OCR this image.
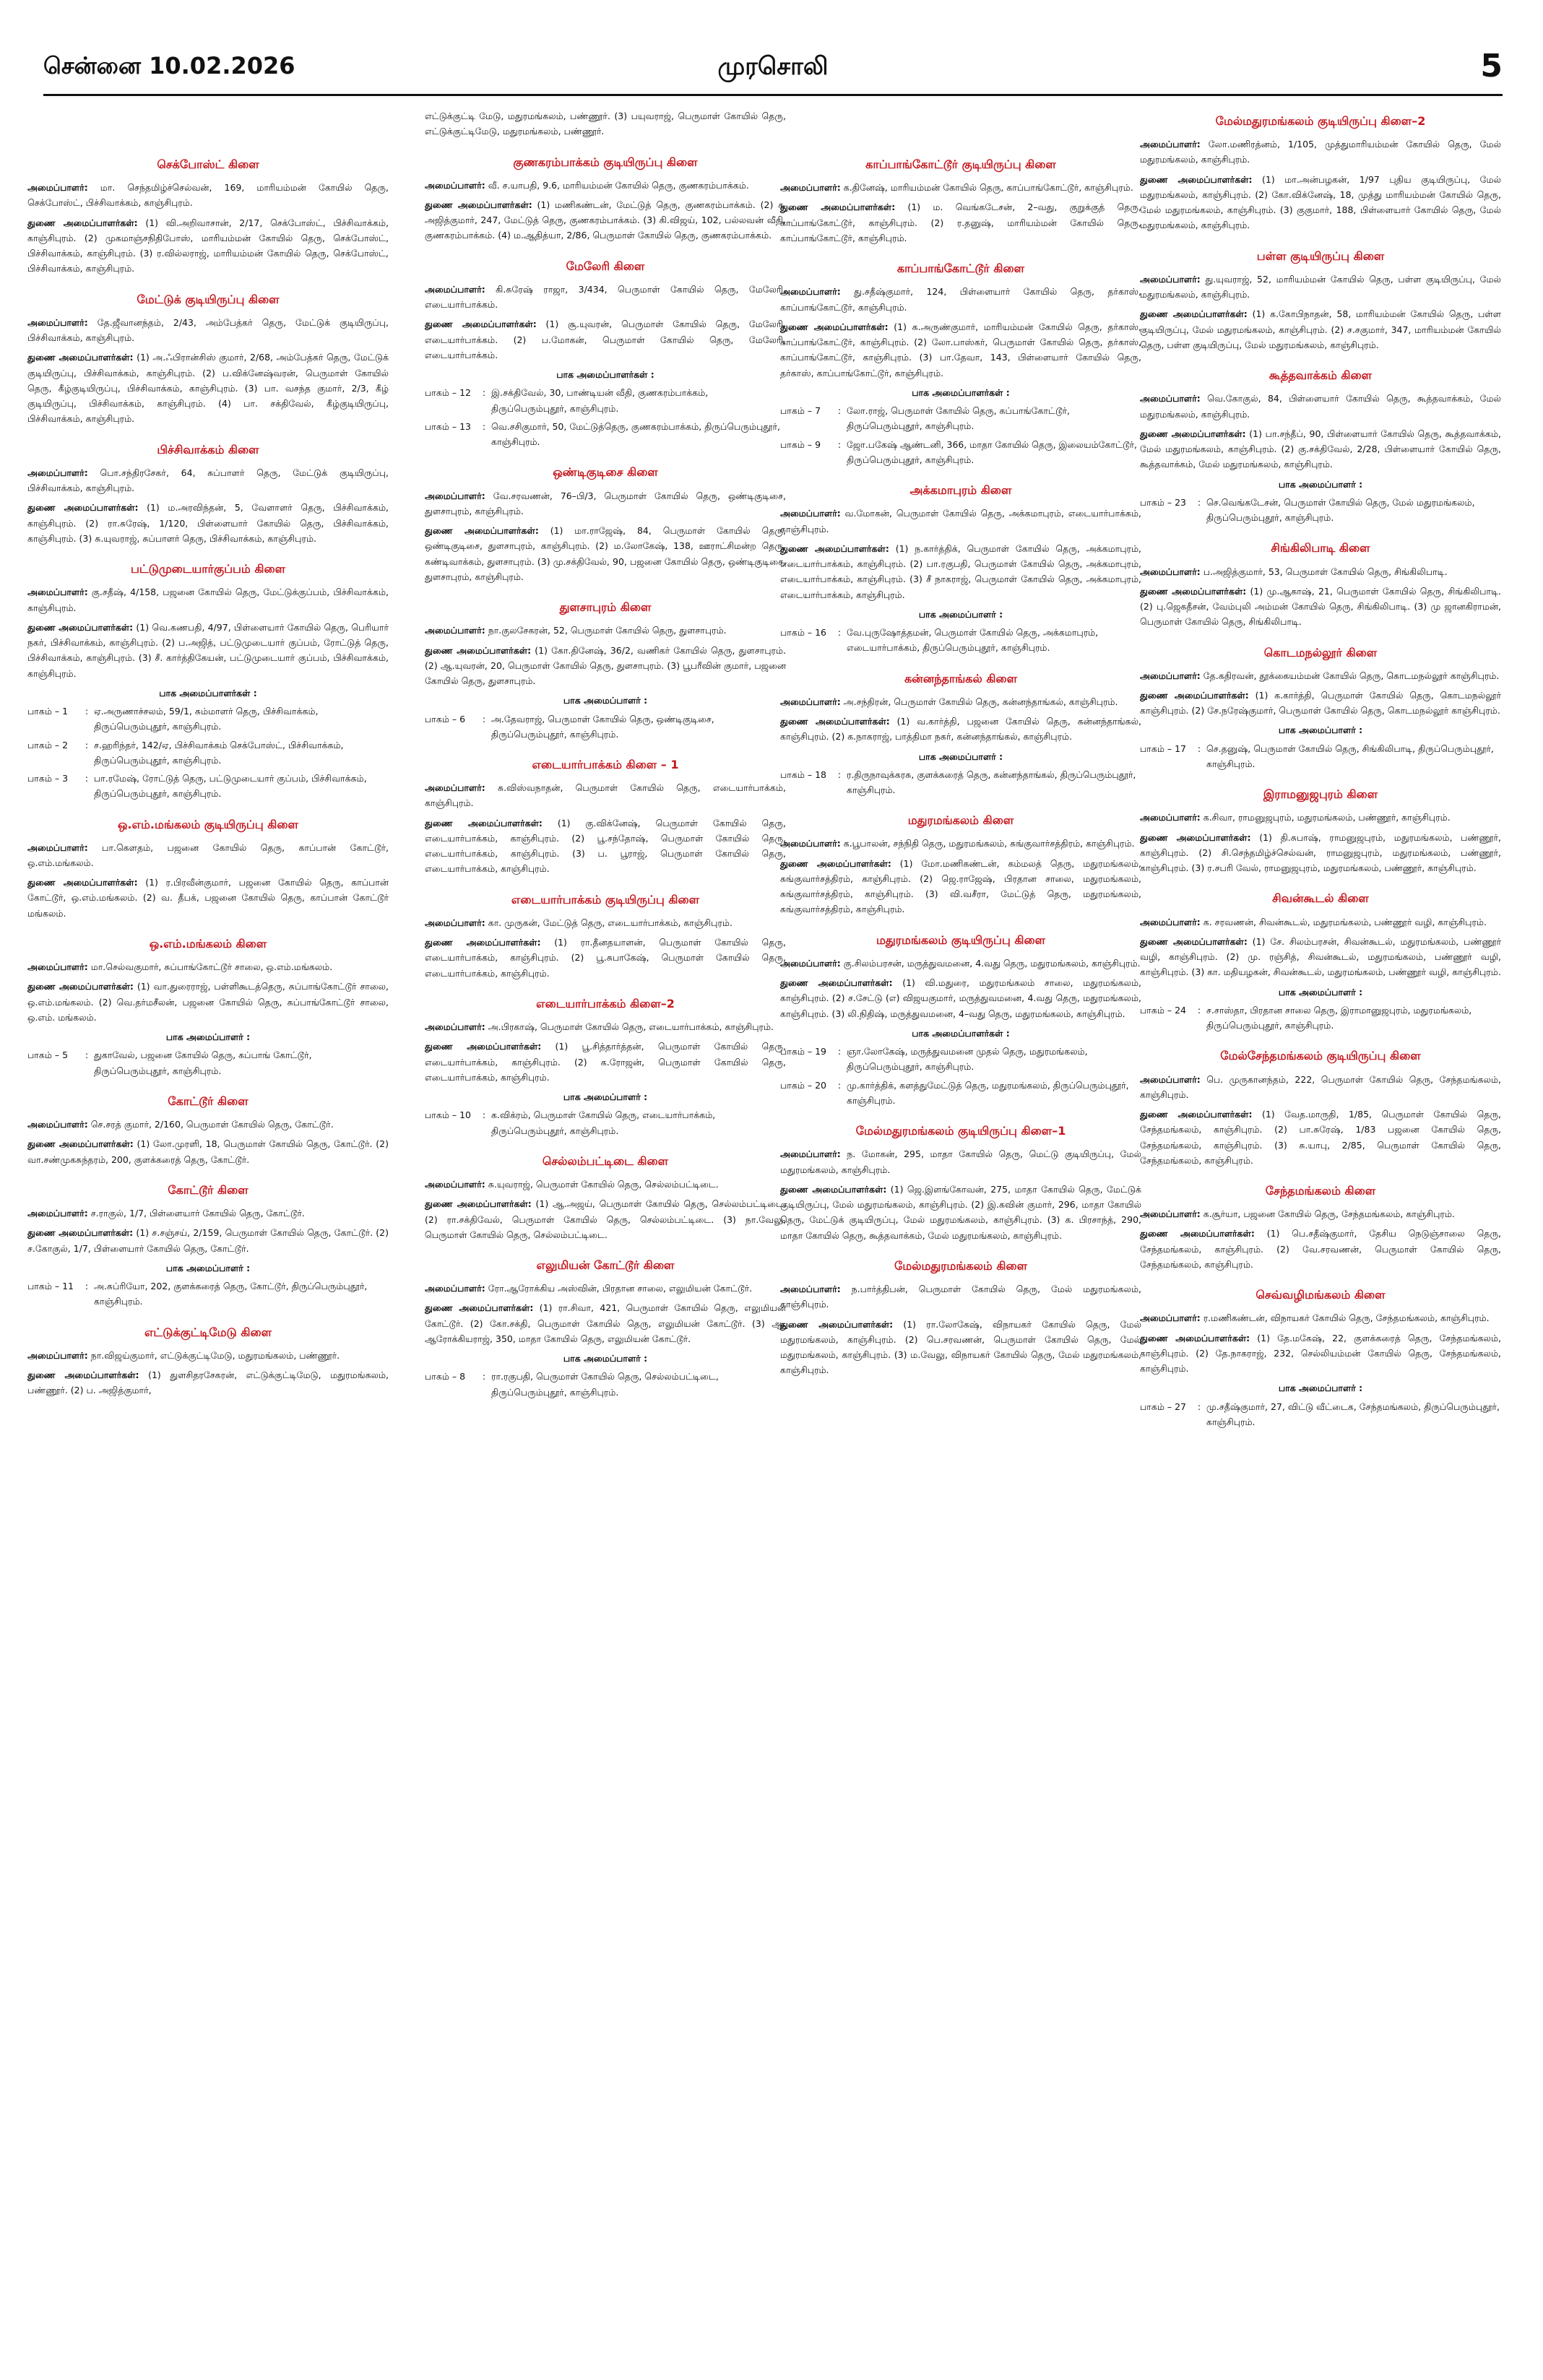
சென்னை 10.02.2026	முரசொலி	5
செக்போஸ்ட் கிளை

அமைப்பாளர்: மா. செந்தமிழ்ச்செல்வன், 169, மாரியம்மன் கோயில் தெரு, செக்போஸ்ட், பிச்சிவாக்கம், காஞ்சிபுரம்.

துணை அமைப்பாளர்கள்: (1) வி.அறிவாசான், 2/17, செக்போஸ்ட், பிச்சிவாக்கம், காஞ்சிபுரம். (2) முகமாஞ்சநிதிபோஸ், மாரியம்மன் கோயில் தெரு, செக்போஸ்ட், பிச்சிவாக்கம், காஞ்சிபுரம். (3) ர.வில்லராஜ், மாரியம்மன் கோயில் தெரு, செக்போஸ்ட், பிச்சிவாக்கம், காஞ்சிபுரம்.

மேட்டுக் குடியிருப்பு கிளை

அமைப்பாளர்: தே.ஜீவானந்தம், 2/43, அம்பேத்கர் தெரு, மேட்டுக் குடியிருப்பு, பிச்சிவாக்கம், காஞ்சிபுரம்.

துணை அமைப்பாளர்கள்: (1) அ.ஃபிரான்சிஸ் குமார், 2/68, அம்பேத்கர் தெரு, மேட்டுக் குடியிருப்பு, பிச்சிவாக்கம், காஞ்சிபுரம். (2) ப.விக்னேஷ்வரன், பெருமாள் கோயில் தெரு, கீழ்குடியிருப்பு, பிச்சிவாக்கம், காஞ்சிபுரம். (3) பா. வசந்த குமார், 2/3, கீழ் குடியிருப்பு, பிச்சிவாக்கம், காஞ்சிபுரம். (4) பா. சக்திவேல், கீழ்குடியிருப்பு, பிச்சிவாக்கம், காஞ்சிபுரம்.

பிச்சிவாக்கம் கிளை

அமைப்பாளர்: பொ.சந்திரசேகர், 64, சுப்பாளர் தெரு, மேட்டுக் குடியிருப்பு, பிச்சிவாக்கம், காஞ்சிபுரம்.

துணை அமைப்பாளர்கள்: (1) ம.அரவிந்தன், 5, வேளாளர் தெரு, பிச்சிவாக்கம், காஞ்சிபுரம். (2) ரா.சுரேஷ், 1/120, பிள்ளையார் கோயில் தெரு, பிச்சிவாக்கம், காஞ்சிபுரம். (3) சு.யுவராஜ், சுப்பாளர் தெரு, பிச்சிவாக்கம், காஞ்சிபுரம்.

பட்டுமுடையார்குப்பம் கிளை

அமைப்பாளர்: கு.சதீஷ், 4/158, பஜனை கோயில் தெரு, மேட்டுக்குப்பம், பிச்சிவாக்கம், காஞ்சிபுரம்.

துணை அமைப்பாளர்கள்: (1) வெ.கணபதி, 4/97, பிள்ளையார் கோயில் தெரு, பெரியார் நகர், பிச்சிவாக்கம், காஞ்சிபுரம். (2) ப.அஜித், பட்டுமுடையார் குப்பம், ரோட்டுத் தெரு, பிச்சிவாக்கம், காஞ்சிபுரம். (3) சீ. கார்த்திகேயன், பட்டுமுடையார் குப்பம், பிச்சிவாக்கம், காஞ்சிபுரம்.

பாக அமைப்பாளர்கள் :
பாகம் – 1	: ஏ.அருணாச்சலம், 59/1, சும்மாளர் தெரு, பிச்சிவாக்கம், திருப்பெரும்புதூர், காஞ்சிபுரம்.
பாகம் – 2	: ச.ஹரிந்தர், 142/ஏ, பிச்சிவாக்கம் செக்போஸ்ட், பிச்சிவாக்கம், திருப்பெரும்புதூர், காஞ்சிபுரம்.
பாகம் – 3	: பா.ரமேஷ், ரோட்டுத் தெரு, பட்டுமுடையார் குப்பம், பிச்சிவாக்கம், திருப்பெரும்புதூர், காஞ்சிபுரம்.
ஒ.எம்.மங்கலம் குடியிருப்பு கிளை

அமைப்பாளர்: பா.கௌதம், பஜனை கோயில் தெரு, காப்பான் கோட்டூர், ஒ.எம்.மங்கலம்.

துணை அமைப்பாளர்கள்: (1) ர.பிரவீன்குமார், பஜனை கோயில் தெரு, காப்பான் கோட்டூர், ஒ.எம்.மங்கலம். (2) வ. தீபக், பஜனை கோயில் தெரு, காப்பான் கோட்டூர் மங்கலம்.

ஒ.எம்.மங்கலம் கிளை

அமைப்பாளர்: மா.செல்வகுமார், சுப்பாங்கோட்டூர் சாலை, ஒ.எம்.மங்கலம்.

துணை அமைப்பாளர்கள்: (1) வா.துரைராஜ், பள்ளிகூடத்தெரு, சுப்பாங்கோட்டூர் சாலை, ஒ.எம்.மங்கலம். (2) வெ.தர்மசீலன், பஜனை கோயில் தெரு, சுப்பாங்கோட்டூர் சாலை, ஒ.எம். மங்கலம்.

பாக அமைப்பாளர் :
பாகம் – 5	: துகாவேல், பஜனை கோயில் தெரு, கப்பாங் கோட்டூர், திருப்பெரும்புதூர், காஞ்சிபுரம்.
கோட்டூர் கிளை

அமைப்பாளர்: செ.சரத் குமார், 2/160, பெருமாள் கோயில் தெரு, கோட்டூர்.

துணை அமைப்பாளர்கள்: (1) லோ.முரளி, 18, பெருமாள் கோயில் தெரு, கோட்டூர். (2) வா.சண்முகசுந்தரம், 200, குளக்கரைத் தெரு, கோட்டூர்.

கோட்டூர் கிளை

அமைப்பாளர்: ச.ராகுல், 1/7, பிள்ளையார் கோயில் தெரு, கோட்டூர்.

துணை அமைப்பாளர்கள்: (1) ச.சஞ்சய், 2/159, பெருமாள் கோயில் தெரு, கோட்டூர். (2) ச.கோகுல், 1/7, பிள்ளையார் கோயில் தெரு, கோட்டூர்.

பாக அமைப்பாளர் :
பாகம் – 11	: அ.சுப்ரியோ, 202, குளக்கரைத் தெரு, கோட்டூர், திருப்பெரும்புதூர், காஞ்சிபுரம்.
எட்டுக்குட்டிமேடு கிளை

அமைப்பாளர்: நா.விஜய்குமார், எட்டுக்குட்டிமேடு, மதுரமங்கலம், பண்ணூர்.

துணை அமைப்பாளர்கள்: (1) துளசிதரசேகரன், எட்டுக்குட்டிமேடு, மதுரமங்கலம், பண்ணூர். (2) ப. அஜித்குமார்,

எட்டுக்குட்டி மேடு, மதுரமங்கலம், பண்ணூர். (3) பயுவராஜ், பெருமாள் கோயில் தெரு, எட்டுக்குட்டிமேடு, மதுரமங்கலம், பண்ணூர்.

குணகரம்பாக்கம் குடியிருப்பு கிளை

அமைப்பாளர்: வீ. ச.யாபதி, 9.6, மாரியம்மன் கோயில் தெரு, குணகரம்பாக்கம்.

துணை அமைப்பாளர்கள்: (1) மணிகண்டன், மேட்டுத் தெரு, குணகரம்பாக்கம். (2) ச. அஜித்குமார், 247, மேட்டுத் தெரு, குணகரம்பாக்கம். (3) கி.விஜய், 102, பல்லவன் வீதி, குணகரம்பாக்கம். (4) ம.ஆதித்யா, 2/86, பெருமாள் கோயில் தெரு, குணகரம்பாக்கம்.

மேலேரி கிளை

அமைப்பாளர்: கி.சுரேஷ் ராஜா, 3/434, பெருமாள் கோயில் தெரு, மேலேரி, எடையார்பாக்கம்.

துணை அமைப்பாளர்கள்: (1) சூ.யுவரன், பெருமாள் கோயில் தெரு, மேலேரி, எடையார்பாக்கம். (2) ப.மோகன், பெருமாள் கோயில் தெரு, மேலேரி, எடையார்பாக்கம்.

பாக அமைப்பாளர்கள் :
பாகம் – 12	: இ.சக்திவேல், 30, பாண்டியன் வீதி, குணகரம்பாக்கம், திருப்பெரும்புதூர், காஞ்சிபுரம்.
பாகம் – 13	: வெ.சசிகுமார், 50, மேட்டுத்தெரு, குணகரம்பாக்கம், திருப்பெரும்புதூர், காஞ்சிபுரம்.
ஒண்டிகுடிசை கிளை

அமைப்பாளர்: வே.சரவணன், 76–பி/3, பெருமாள் கோயில் தெரு, ஒண்டிகுடிசை, துளசாபுரம், காஞ்சிபுரம்.

துணை அமைப்பாளர்கள்: (1) மா.ராஜேஷ், 84, பெருமாள் கோயில் தெரு, ஒண்டிகுடிசை, துளசாபுரம், காஞ்சிபுரம். (2) ம.லோகேஷ், 138, ஊராட்சிமன்ற தெரு, கண்டிவாக்கம், துளசாபுரம். (3) மு.சக்திவேல், 90, பஜனை கோயில் தெரு, ஒண்டிகுடிசை, துளசாபுரம், காஞ்சிபுரம்.

துளசாபுரம் கிளை

அமைப்பாளர்: நா.குலசேகரன், 52, பெருமாள் கோயில் தெரு, துளசாபுரம்.

துணை அமைப்பாளர்கள்: (1) கோ.தினேஷ், 36/2, வணிகர் கோயில் தெரு, துளசாபுரம். (2) ஆ.யுவரன், 20, பெருமாள் கோயில் தெரு, துளசாபுரம். (3) பூபரீவின் குமார், பஜனை கோயில் தெரு, துளசாபுரம்.

பாக அமைப்பாளர் :
பாகம் – 6	: அ.தேவராஜ், பெருமாள் கோயில் தெரு, ஒண்டிகுடிசை, திருப்பெரும்புதூர், காஞ்சிபுரம்.
எடையார்பாக்கம் கிளை – 1

அமைப்பாளர்: சு.விஸ்வநாதன், பெருமாள் கோயில் தெரு, எடையார்பாக்கம், காஞ்சிபுரம்.

துணை அமைப்பாளர்கள்: (1) கு.விக்னேஷ், பெருமாள் கோயில் தெரு, எடையார்பாக்கம், காஞ்சிபுரம். (2) பூ.சந்தோஷ், பெருமாள் கோயில் தெரு, எடையார்பாக்கம், காஞ்சிபுரம். (3) ப. பூராஜ், பெருமாள் கோயில் தெரு, எடையார்பாக்கம், காஞ்சிபுரம்.

எடையார்பாக்கம் குடியிருப்பு கிளை

அமைப்பாளர்: கா. முருகன், மேட்டுத் தெரு, எடையார்பாக்கம், காஞ்சிபுரம்.

துணை அமைப்பாளர்கள்: (1) ரா.தீனதயாளன், பெருமாள் கோயில் தெரு, எடையார்பாக்கம், காஞ்சிபுரம். (2) பூ.சுபாகேஷ், பெருமாள் கோயில் தெரு, எடையார்பாக்கம், காஞ்சிபுரம்.

எடையார்பாக்கம் கிளை–2

அமைப்பாளர்: அ.பிரகாஷ், பெருமாள் கோயில் தெரு, எடையார்பாக்கம், காஞ்சிபுரம்.

துணை அமைப்பாளர்கள்: (1) பூ.சித்தார்த்தன், பெருமாள் கோயில் தெரு, எடையார்பாக்கம், காஞ்சிபுரம். (2) க.ரோஜன், பெருமாள் கோயில் தெரு, எடையார்பாக்கம், காஞ்சிபுரம்.

பாக அமைப்பாளர் :
பாகம் – 10	: க.விக்ரம், பெருமாள் கோயில் தெரு, எடையார்பாக்கம், திருப்பெரும்புதூர், காஞ்சிபுரம்.
செல்லம்பட்டிடை கிளை

அமைப்பாளர்: சு.யுவராஜ், பெருமாள் கோயில் தெரு, செல்லம்பட்டிடை.

துணை அமைப்பாளர்கள்: (1) ஆ.அஜய், பெருமாள் கோயில் தெரு, செல்லம்பட்டிடை. (2) ரா.சக்திவேல், பெருமாள் கோயில் தெரு, செல்லம்பட்டிடை. (3) நா.வேலு, பெருமாள் கோயில் தெரு, செல்லம்பட்டிடை.

எலுமியன் கோட்டூர் கிளை

அமைப்பாளர்: ரோ.ஆரோக்கிய அஸ்வின், பிரதான சாலை, எலுமியன் கோட்டூர்.

துணை அமைப்பாளர்கள்: (1) ரா.சிவா, 421, பெருமாள் கோயில் தெரு, எலுமியன் கோட்டூர். (2) கோ.சக்தி, பெருமாள் கோயில் தெரு, எலுமியன் கோட்டூர். (3) ஆ. ஆரோக்கியராஜ், 350, மாதா கோயில் தெரு, எலுமியன் கோட்டூர்.

பாக அமைப்பாளர் :
பாகம் – 8	: ரா.ரகுபதி, பெருமாள் கோயில் தெரு, செல்லம்பட்டிடை, திருப்பெரும்புதூர், காஞ்சிபுரம்.
காப்பாங்கோட்டூர் குடியிருப்பு கிளை

அமைப்பாளர்: க.தினேஷ், மாரியம்மன் கோயில் தெரு, காப்பாங்கோட்டூர், காஞ்சிபுரம்.

துணை அமைப்பாளர்கள்: (1) ம. வெங்கடேசன், 2–வது, குறுக்குத் தெரு, காப்பாங்கோட்டூர், காஞ்சிபுரம். (2) ர.தனுஷ், மாரியம்மன் கோயில் தெரு, காப்பாங்கோட்டூர், காஞ்சிபுரம்.

காப்பாங்கோட்டூர் கிளை

அமைப்பாளர்: து.சதீஷ்குமார், 124, பிள்ளையார் கோயில் தெரு, தர்காஸ், காப்பாங்கோட்டூர், காஞ்சிபுரம்.

துணை அமைப்பாளர்கள்: (1) க.அருண்குமார், மாரியம்மன் கோயில் தெரு, தர்காஸ், காப்பாங்கோட்டூர், காஞ்சிபுரம். (2) லோ.பாஸ்கர், பெருமாள் கோயில் தெரு, தர்காஸ், காப்பாங்கோட்டூர், காஞ்சிபுரம். (3) பா.தேவா, 143, பிள்ளையார் கோயில் தெரு, தர்காஸ், காப்பாங்கோட்டூர், காஞ்சிபுரம்.

பாக அமைப்பாளர்கள் :
பாகம் – 7	: லோ.ராஜ், பெருமாள் கோயில் தெரு, கப்பாங்கோட்டூர், திருப்பெரும்புதூர், காஞ்சிபுரம்.
பாகம் – 9	: ஜோ.பகேஷ் ஆண்டனி, 366, மாதா கோயில் தெரு, இலையம்கோட்டூர், திருப்பெரும்புதூர், காஞ்சிபுரம்.
அக்கமாபுரம் கிளை

அமைப்பாளர்: வ.மோகன், பெருமாள் கோயில் தெரு, அக்கமாபுரம், எடையார்பாக்கம், காஞ்சிபுரம்.

துணை அமைப்பாளர்கள்: (1) ந.கார்த்திக், பெருமாள் கோயில் தெரு, அக்கமாபுரம், எடையார்பாக்கம், காஞ்சிபுரம். (2) பா.ரகுபதி, பெருமாள் கோயில் தெரு, அக்கமாபுரம், எடையார்பாக்கம், காஞ்சிபுரம். (3) சீ நாகராஜ், பெருமாள் கோயில் தெரு, அக்கமாபுரம், எடையார்பாக்கம், காஞ்சிபுரம்.

பாக அமைப்பாளர் :
பாகம் – 16	: வே.புருஷோத்தமன், பெருமாள் கோயில் தெரு, அக்கமாபுரம், எடையார்பாக்கம், திருப்பெரும்புதூர், காஞ்சிபுரம்.
கன்னந்தாங்கல் கிளை

அமைப்பாளர்: அ.சந்திரன், பெருமாள் கோயில் தெரு, கன்னந்தாங்கல், காஞ்சிபுரம்.

துணை அமைப்பாளர்கள்: (1) வ.கார்த்தி, பஜனை கோயில் தெரு, கன்னந்தாங்கல், காஞ்சிபுரம். (2) க.நாகராஜ், பாத்திமா நகர், கன்னந்தாங்கல், காஞ்சிபுரம்.

பாக அமைப்பாளர் :
பாகம் – 18	: ர.திருநாவுக்கரசு, குளக்கரைத் தெரு, கன்னந்தாங்கல், திருப்பெரும்புதூர், காஞ்சிபுரம்.
மதுரமங்கலம் கிளை

அமைப்பாளர்: க.பூபாலன், சந்நிதி தெரு, மதுரமங்கலம், சுங்குவார்சத்திரம், காஞ்சிபுரம்.

துணை அமைப்பாளர்கள்: (1) மோ.மணிகண்டன், கம்மலத் தெரு, மதுரமங்கலம், சுங்குவார்சத்திரம், காஞ்சிபுரம். (2) ஜெ.ராஜேஷ், பிரதான சாலை, மதுரமங்கலம், சுங்குவார்சத்திரம், காஞ்சிபுரம். (3) வி.வசீரா, மேட்டுத் தெரு, மதுரமங்கலம், சுங்குவார்சத்திரம், காஞ்சிபுரம்.

மதுரமங்கலம் குடியிருப்பு கிளை

அமைப்பாளர்: கு.சிலம்பரசன், மருத்துவமனை, 4.வது தெரு, மதுரமங்கலம், காஞ்சிபுரம்.

துணை அமைப்பாளர்கள்: (1) வி.மதுரை, மதுரமங்கலம் சாலை, மதுரமங்கலம், காஞ்சிபுரம். (2) ச.சேட்டு (எ) விஜயகுமார், மருத்துவமனை, 4.வது தெரு, மதுரமங்கலம், காஞ்சிபுரம். (3) லி.நிதிஷ், மருத்துவமனை, 4–வது தெரு, மதுரமங்கலம், காஞ்சிபுரம்.

பாக அமைப்பாளர்கள் :
பாகம் – 19	: ஞா.லோகேஷ், மருத்துவமனை முதல் தெரு, மதுரமங்கலம், திருப்பெரும்புதூர், காஞ்சிபுரம்.
பாகம் – 20	: மு.கார்த்திக், களத்துமேட்டுத் தெரு, மதுரமங்கலம், திருப்பெரும்புதூர், காஞ்சிபுரம்.
மேல்மதுரமங்கலம் குடியிருப்பு கிளை–1

அமைப்பாளர்: ந. மோகன், 295, மாதா கோயில் தெரு, மெட்டு குடியிருப்பு, மேல் மதுரமங்கலம், காஞ்சிபுரம்.

துணை அமைப்பாளர்கள்: (1) ஜெ.இளங்கோவன், 275, மாதா கோயில் தெரு, மேட்டுக் குடியிருப்பு, மேல் மதுரமங்கலம், காஞ்சிபுரம். (2) இ.கவின் குமார், 296, மாதா கோயில் தெரு, மேட்டுக் குடியிருப்பு, மேல் மதுரமங்கலம், காஞ்சிபுரம். (3) க. பிரசாந்த், 290, மாதா கோயில் தெரு, கூத்தவாக்கம், மேல் மதுரமங்கலம், காஞ்சிபுரம்.

மேல்மதுரமங்கலம் கிளை

அமைப்பாளர்: ந.பார்த்திபன், பெருமாள் கோயில் தெரு, மேல் மதுரமங்கலம், காஞ்சிபுரம்.

துணை அமைப்பாளர்கள்: (1) ரா.லோகேஷ், விநாயகர் கோயில் தெரு, மேல் மதுரமங்கலம், காஞ்சிபுரம். (2) பெ.சரவணன், பெருமாள் கோயில் தெரு, மேல் மதுரமங்கலம், காஞ்சிபுரம். (3) ம.வேலு, விநாயகர் கோயில் தெரு, மேல் மதுரமங்கலம், காஞ்சிபுரம்.

மேல்மதுரமங்கலம் குடியிருப்பு கிளை–2

அமைப்பாளர்: லோ.மணிரத்னம், 1/105, முத்துமாரியம்மன் கோயில் தெரு, மேல் மதுரமங்கலம், காஞ்சிபுரம்.

துணை அமைப்பாளர்கள்: (1) மா.அன்பழகன், 1/97 புதிய குடியிருப்பு, மேல் மதுரமங்கலம், காஞ்சிபுரம். (2) கோ.விக்னேஷ், 18, முத்து மாரியம்மன் கோயில் தெரு, மேல் மதுரமங்கலம், காஞ்சிபுரம். (3) குகுமார், 188, பிள்ளையார் கோயில் தெரு, மேல் மதுரமங்கலம், காஞ்சிபுரம்.

பள்ள குடியிருப்பு கிளை

அமைப்பாளர்: து.யுவராஜ், 52, மாரியம்மன் கோயில் தெரு, பள்ள குடியிருப்பு, மேல் மதுரமங்கலம், காஞ்சிபுரம்.

துணை அமைப்பாளர்கள்: (1) க.கோபிநாதன், 58, மாரியம்மன் கோயில் தெரு, பள்ள குடியிருப்பு, மேல் மதுரமங்கலம், காஞ்சிபுரம். (2) ச.சகுமார், 347, மாரியம்மன் கோயில் தெரு, பள்ள குடியிருப்பு, மேல் மதுரமங்கலம், காஞ்சிபுரம்.

கூத்தவாக்கம் கிளை

அமைப்பாளர்: வெ.கோகுல், 84, பிள்ளையார் கோயில் தெரு, கூத்தவாக்கம், மேல் மதுரமங்கலம், காஞ்சிபுரம்.

துணை அமைப்பாளர்கள்: (1) பா.சந்தீப், 90, பிள்ளையார் கோயில் தெரு, கூத்தவாக்கம், மேல் மதுரமங்கலம், காஞ்சிபுரம். (2) கு.சக்திவேல், 2/28, பிள்ளையார் கோயில் தெரு, கூத்தவாக்கம், மேல் மதுரமங்கலம், காஞ்சிபுரம்.

பாக அமைப்பாளர் :
பாகம் – 23	: செ.வெங்கடேசன், பெருமாள் கோயில் தெரு, மேல் மதுரமங்கலம், திருப்பெரும்புதூர், காஞ்சிபுரம்.
சிங்கிலிபாடி கிளை

அமைப்பாளர்: ப.அஜித்குமார், 53, பெருமாள் கோயில் தெரு, சிங்கிலிபாடி.

துணை அமைப்பாளர்கள்: (1) மு.ஆகாஷ், 21, பெருமாள் கோயில் தெரு, சிங்கிலிபாடி. (2) பு.ஜெகதீசன், வேம்புலி அம்மன் கோயில் தெரு, சிங்கிலிபாடி. (3) மு ஜானகிராமன், பெருமாள் கோயில் தெரு, சிங்கிலிபாடி.

கொடமநல்லூர் கிளை

அமைப்பாளர்: தே.கதிரவன், தூக்கையம்மன் கோயில் தெரு, கொடமநல்லூர் காஞ்சிபுரம்.

துணை அமைப்பாளர்கள்: (1) க.கார்த்தி, பெருமாள் கோயில் தெரு, கொடமநல்லூர் காஞ்சிபுரம். (2) சே.நரேஷ்குமார், பெருமாள் கோயில் தெரு, கொடமநல்லூர் காஞ்சிபுரம்.

பாக அமைப்பாளர் :
பாகம் – 17	: செ.தனுஷ், பெருமாள் கோயில் தெரு, சிங்கிலிபாடி, திருப்பெரும்புதூர், காஞ்சிபுரம்.
இராமனுஜபுரம் கிளை

அமைப்பாளர்: க.சிவா, ராமனுஜபுரம், மதுரமங்கலம், பண்ணூர், காஞ்சிபுரம்.

துணை அமைப்பாளர்கள்: (1) தி.சுபாஷ், ராமனுஜபுரம், மதுரமங்கலம், பண்ணூர், காஞ்சிபுரம். (2) சி.செந்தமிழ்ச்செல்வன், ராமனுஜபுரம், மதுரமங்கலம், பண்ணூர், காஞ்சிபுரம். (3) ர.சபரி வேல், ராமனுஜபுரம், மதுரமங்கலம், பண்ணூர், காஞ்சிபுரம்.

சிவன்கூடல் கிளை

அமைப்பாளர்: க. சரவணன், சிவன்கூடல், மதுரமங்கலம், பண்ணூர் வழி, காஞ்சிபுரம்.

துணை அமைப்பாளர்கள்: (1) சே. சிலம்பரசன், சிவன்கூடல், மதுரமங்கலம், பண்ணூர் வழி, காஞ்சிபுரம். (2) மு. ரஞ்சித், சிவன்கூடல், மதுரமங்கலம், பண்ணூர் வழி, காஞ்சிபுரம். (3) கா. மதியழகன், சிவன்கூடல், மதுரமங்கலம், பண்ணூர் வழி, காஞ்சிபுரம்.

பாக அமைப்பாளர் :
பாகம் – 24	: ச.சாஸ்தா, பிரதான சாலை தெரு, இராமானுஜபுரம், மதுரமங்கலம், திருப்பெரும்புதூர், காஞ்சிபுரம்.
மேல்சேந்தமங்கலம் குடியிருப்பு கிளை

அமைப்பாளர்: பெ. முருகானந்தம், 222, பெருமாள் கோயில் தெரு, சேந்தமங்கலம், காஞ்சிபுரம்.

துணை அமைப்பாளர்கள்: (1) வேத.மாருதி, 1/85, பெருமாள் கோயில் தெரு, சேந்தமங்கலம், காஞ்சிபுரம். (2) பா.சுரேஷ், 1/83 பஜனை கோயில் தெரு, சேந்தமங்கலம், காஞ்சிபுரம். (3) சு.யாபு, 2/85, பெருமாள் கோயில் தெரு, சேந்தமங்கலம், காஞ்சிபுரம்.

சேந்தமங்கலம் கிளை

அமைப்பாளர்: க.சூர்யா, பஜனை கோயில் தெரு, சேந்தமங்கலம், காஞ்சிபுரம்.

துணை அமைப்பாளர்கள்: (1) பெ.சதீஷ்குமார், தேசிய நெடுஞ்சாலை தெரு, சேந்தமங்கலம், காஞ்சிபுரம். (2) வே.சரவணன், பெருமாள் கோயில் தெரு, சேந்தமங்கலம், காஞ்சிபுரம்.

செவ்வழிமங்கலம் கிளை

அமைப்பாளர்: ர.மணிகண்டன், விநாயகர் கோயில் தெரு, சேந்தமங்கலம், காஞ்சிபுரம்.

துணை அமைப்பாளர்கள்: (1) தே.மகேஷ், 22, குளக்கரைத் தெரு, சேந்தமங்கலம், காஞ்சிபுரம். (2) தே.நாகராஜ், 232, செல்லியம்மன் கோயில் தெரு, சேந்தமங்கலம், காஞ்சிபுரம்.

பாக அமைப்பாளர் :
பாகம் – 27	: மு.சதீஷ்குமார், 27, விட்டு வீட்டைக, சேந்தமங்கலம், திருப்பெரும்புதூர், காஞ்சிபுரம்.
